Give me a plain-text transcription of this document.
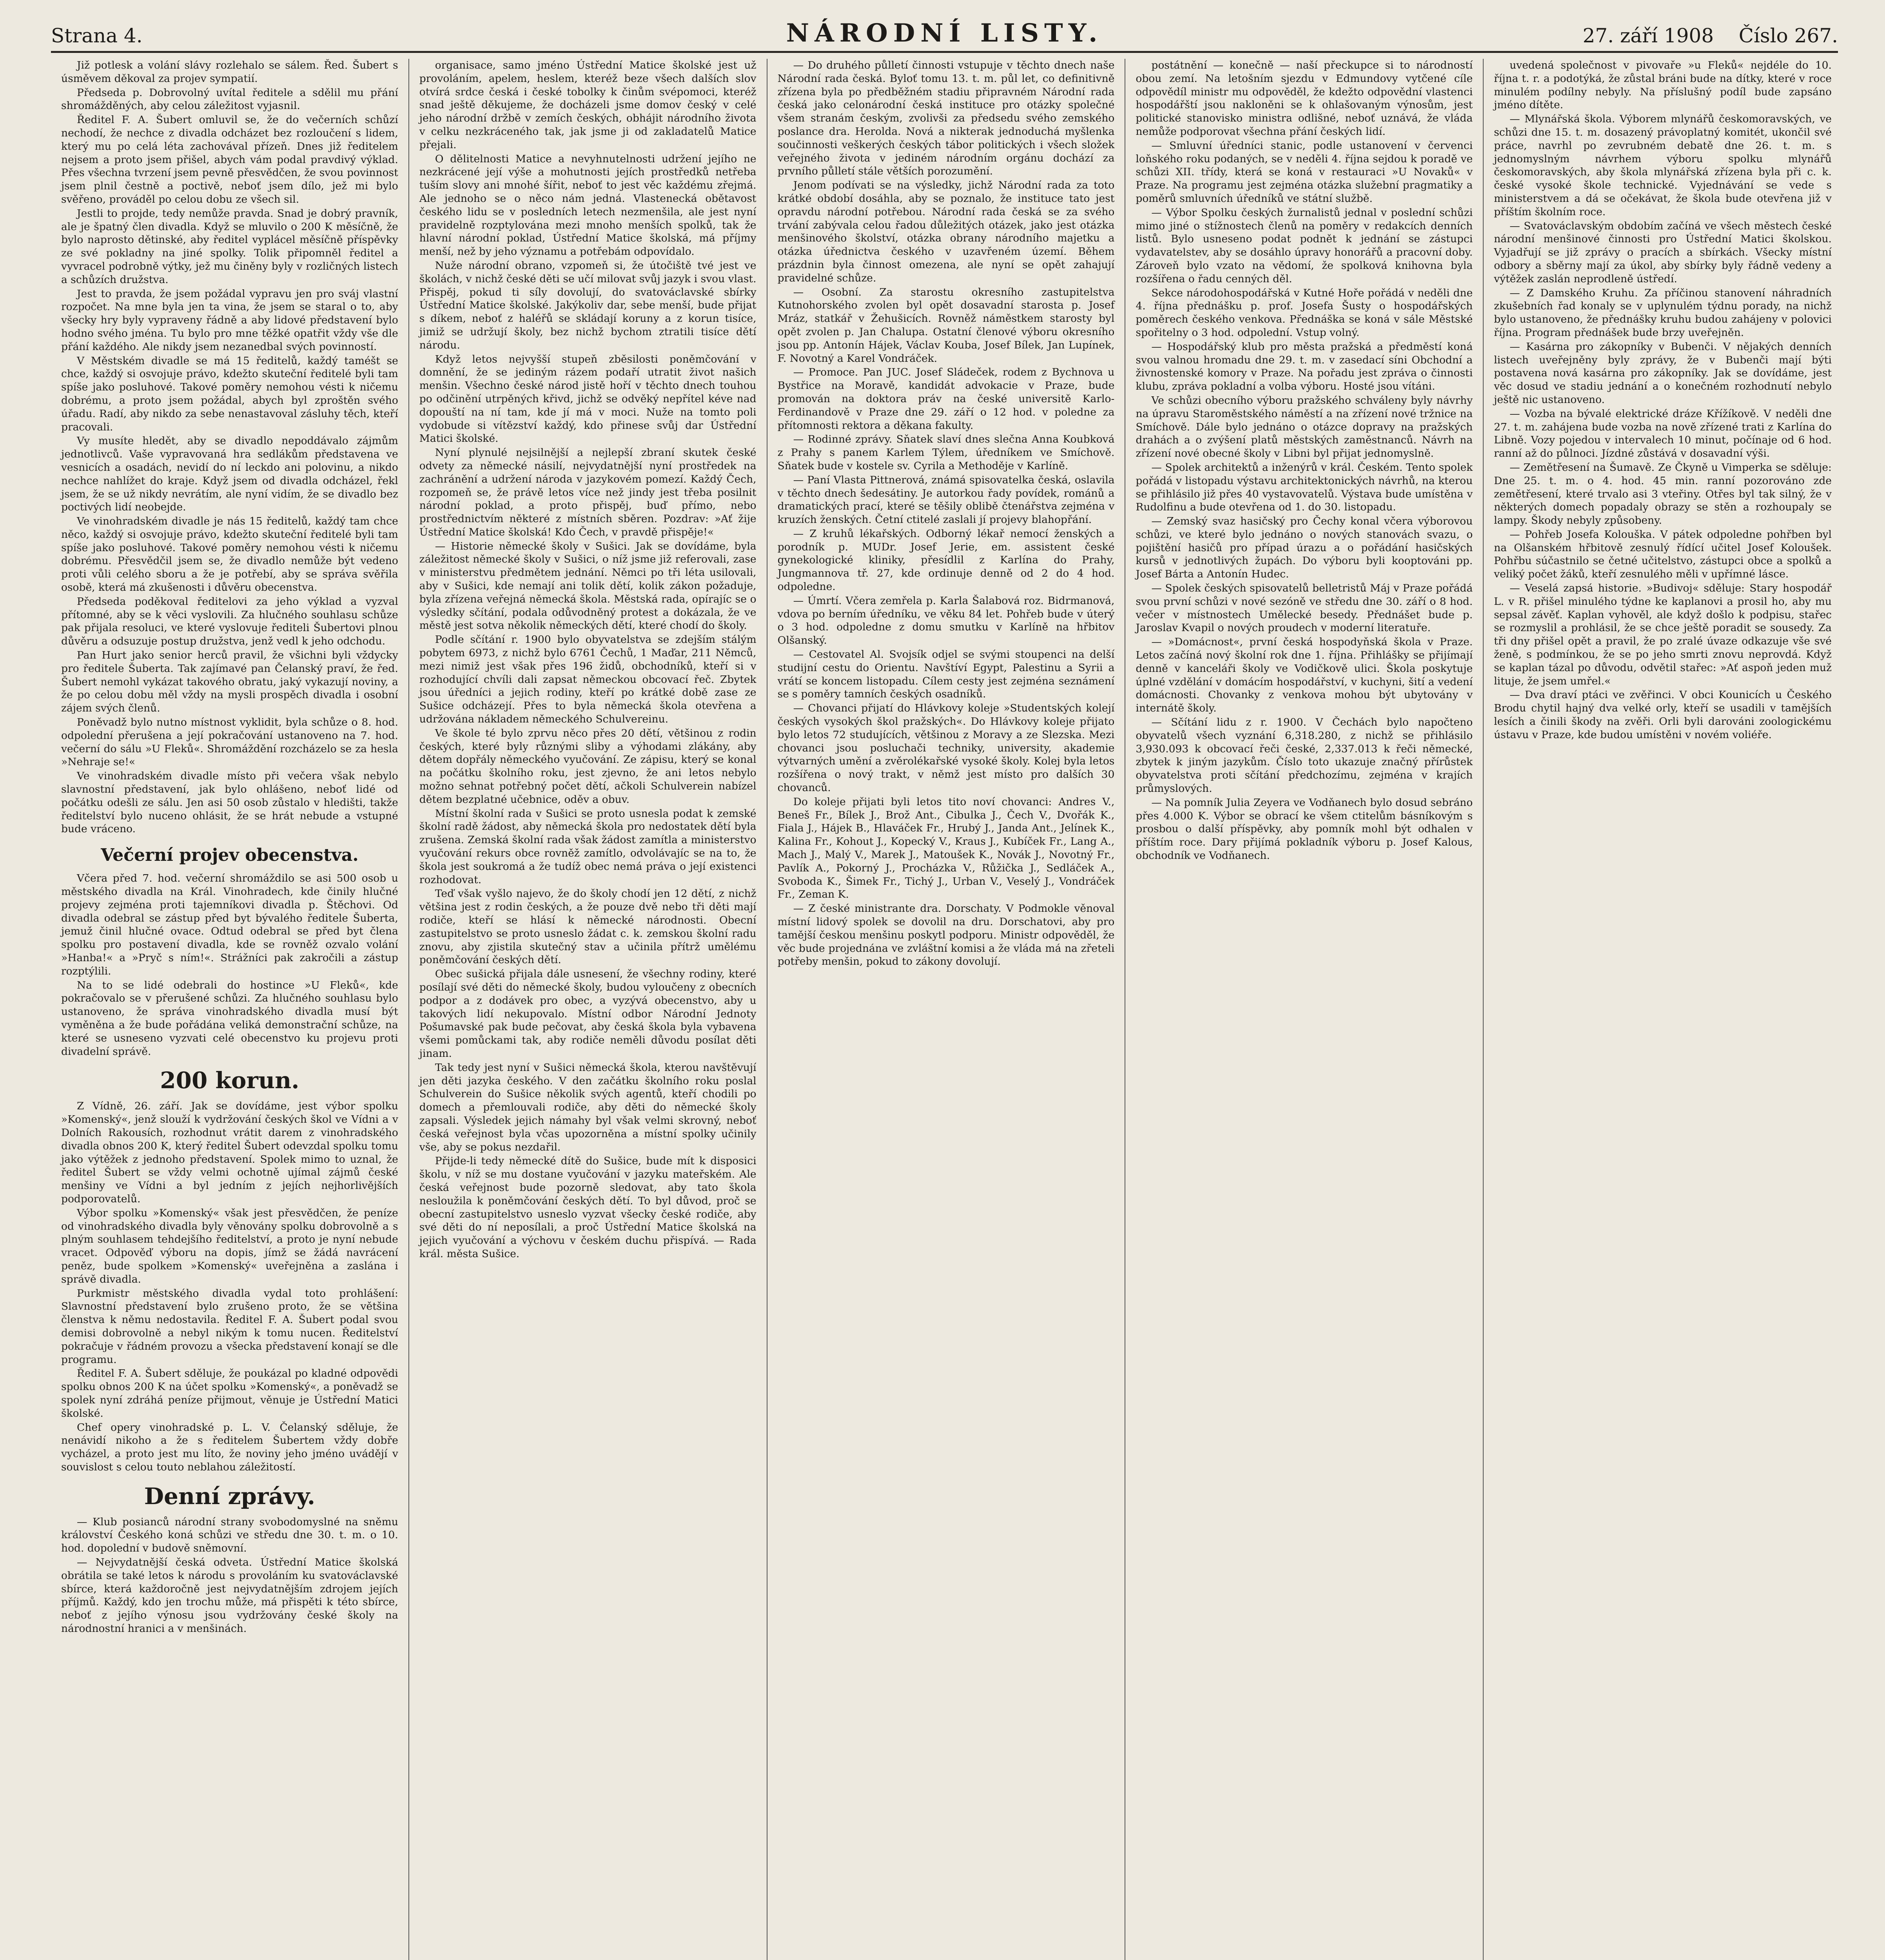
Strana 4.	NÁRODNÍ LISTY.	27. září 1908 Číslo 267.

Již potlesk a volání slávy rozlehalo se sálem. Řed. Šubert s úsměvem děkoval za projev sympatií.

Předseda p. Dobrovolný uvítal ředitele a sdělil mu přání shromážděných, aby celou záležitost vyjasnil.

Ředitel F. A. Šubert omluvil se, že do večerních schůzí nechodí, že nechce z divadla odcházet bez rozloučení s lidem, který mu po celá léta zachovával přízeň. Dnes již ředitelem nejsem a proto jsem přišel, abych vám podal pravdivý výklad. Přes všechna tvrzení jsem pevně přesvědčen, že svou povinnost jsem plnil čestně a poctivě, neboť jsem dílo, jež mi bylo svěřeno, prováděl po celou dobu ze všech sil.

Jestli to projde, tedy nemůže pravda. Snad je dobrý pravník, ale je špatný člen divadla. Když se mluvilo o 200 K měsíčně, že bylo naprosto dětinské, aby ředitel vyplácel měsíčně příspěvky ze své pokladny na jiné spolky. Tolik připomněl ředitel a vyvracel podrobně výtky, jež mu činěny byly v rozličných listech a schůzích družstva.

Jest to pravda, že jsem požádal vypravu jen pro sváj vlastní rozpočet. Na mne byla jen ta vina, že jsem se staral o to, aby všecky hry byly vypraveny řádně a aby lidové představení bylo hodno svého jména. Tu bylo pro mne těžké opatřit vždy vše dle přání každého. Ale nikdy jsem nezanedbal svých povinností.

V Městském divadle se má 15 ředitelů, každý taméšt se chce, každý si osvojuje právo, kdežto skuteční ředitelé byli tam spíše jako posluhové. Takové poměry nemohou vésti k ničemu dobrému, a proto jsem požádal, abych byl zproštěn svého úřadu. Radí, aby nikdo za sebe nenastavoval zásluhy těch, kteří pracovali.

Vy musíte hledět, aby se divadlo nepoddávalo zájmům jednotlivců. Vaše vypravovaná hra sedlákům představena ve vesnicích a osadách, nevidí do ní leckdo ani polovinu, a nikdo nechce nahlížet do kraje. Když jsem od divadla odcházel, řekl jsem, že se už nikdy nevrátím, ale nyní vidím, že se divadlo bez poctivých lidí neobejde.

Ve vinohradském divadle je nás 15 ředitelů, každý tam chce něco, každý si osvojuje právo, kdežto skuteční ředitelé byli tam spíše jako posluhové. Takové poměry nemohou vésti k ničemu dobrému. Přesvědčil jsem se, že divadlo nemůže být vedeno proti vůli celého sboru a že je potřebí, aby se správa svěřila osobě, která má zkušenosti i důvěru obecenstva.

Předseda poděkoval ředitelovi za jeho výklad a vyzval přítomné, aby se k věci vyslovili. Za hlučného souhlasu schůze pak přijala resoluci, ve které vyslovuje řediteli Šubertovi plnou důvěru a odsuzuje postup družstva, jenž vedl k jeho odchodu.

Pan Hurt jako senior herců pravil, že všichni byli vždycky pro ředitele Šuberta. Tak zajímavé pan Čelanský praví, že řed. Šubert nemohl vykázat takového obratu, jaký vykazují noviny, a že po celou dobu měl vždy na mysli prospěch divadla i osobní zájem svých členů.

Poněvadž bylo nutno místnost vyklidit, byla schůze o 8. hod. odpolední přerušena a její pokračování ustanoveno na 7. hod. večerní do sálu »U Fleků«. Shromáždění rozcházelo se za hesla »Nehraje se!«

Ve vinohradském divadle místo při večera však nebylo slavnostní představení, jak bylo ohlášeno, neboť lidé od počátku odešli ze sálu. Jen asi 50 osob zůstalo v hledišti, takže ředitelství bylo nuceno ohlásit, že se hrát nebude a vstupné bude vráceno.

Večerní projev obecenstva.

Včera před 7. hod. večerní shromáždilo se asi 500 osob u městského divadla na Král. Vinohradech, kde činily hlučné projevy zejména proti tajemníkovi divadla p. Štěchovi. Od divadla odebral se zástup před byt bývalého ředitele Šuberta, jemuž činil hlučné ovace. Odtud odebral se před byt člena spolku pro postavení divadla, kde se rovněž ozvalo volání »Hanba!« a »Pryč s ním!«. Strážníci pak zakročili a zástup rozptýlili.

Na to se lidé odebrali do hostince »U Fleků«, kde pokračovalo se v přerušené schůzi. Za hlučného souhlasu bylo ustanoveno, že správa vinohradského divadla musí být vyměněna a že bude pořádána veliká demonstrační schůze, na které se usneseno vyzvati celé obecenstvo ku projevu proti divadelní správě.

200 korun.

Z Vídně, 26. září. Jak se dovídáme, jest výbor spolku »Komenský«, jenž slouží k vydržování českých škol ve Vídni a v Dolních Rakousích, rozhodnut vrátit darem z vinohradského divadla obnos 200 K, který ředitel Šubert odevzdal spolku tomu jako výtěžek z jednoho představení. Spolek mimo to uznal, že ředitel Šubert se vždy velmi ochotně ujímal zájmů české menšiny ve Vídni a byl jedním z jejích nejhorlivějších podporovatelů.

Výbor spolku »Komenský« však jest přesvědčen, že peníze od vinohradského divadla byly věnovány spolku dobrovolně a s plným souhlasem tehdejšího ředitelství, a proto je nyní nebude vracet. Odpověď výboru na dopis, jímž se žádá navrácení peněz, bude spolkem »Komenský« uveřejněna a zaslána i správě divadla.

Purkmistr městského divadla vydal toto prohlášení: Slavnostní představení bylo zrušeno proto, že se většina členstva k němu nedostavila. Ředitel F. A. Šubert podal svou demisi dobrovolně a nebyl nikým k tomu nucen. Ředitelství pokračuje v řádném provozu a všecka představení konají se dle programu.

Ředitel F. A. Šubert sděluje, že poukázal po kladné odpovědi spolku obnos 200 K na účet spolku »Komenský«, a poněvadž se spolek nyní zdráhá peníze přijmout, věnuje je Ústřední Matici školské.

Chef opery vinohradské p. L. V. Čelanský sděluje, že nenávidí nikoho a že s ředitelem Šubertem vždy dobře vycházel, a proto jest mu líto, že noviny jeho jméno uvádějí v souvislost s celou touto neblahou záležitostí.

Denní zprávy.

— Klub posianců národní strany svobodomyslné na sněmu království Českého koná schůzi ve středu dne 30. t. m. o 10. hod. dopolední v budově sněmovní.

— Nejvydatnější česká odveta. Ústřední Matice školská obrátila se také letos k národu s provoláním ku svatováclavské sbírce, která každoročně jest nejvydatnějším zdrojem jejích příjmů. Každý, kdo jen trochu může, má přispěti k této sbírce, neboť z jejího výnosu jsou vydržovány české školy na národnostní hranici a v menšinách.

organisace, samo jméno Ústřední Matice školské jest už provoláním, apelem, heslem, kteréž beze všech dalších slov otvírá srdce česká i české tobolky k činům svépomoci, kteréž snad ještě děkujeme, že docházeli jsme domov český v celé jeho národní držbě v zemích českých, obhájit národního života v celku nezkráceného tak, jak jsme ji od zakladatelů Matice přejali.

O dělitelnosti Matice a nevyhnutelnosti udržení jejího ne nezkrácené její výše a mohutnosti jejích prostředků netřeba tuším slovy ani mnohé šířit, neboť to jest věc každému zřejmá. Ale jednoho se o něco nám jedná. Vlastenecká obětavost českého lidu se v posledních letech nezmenšila, ale jest nyní pravidelně rozptylována mezi mnoho menších spolků, tak že hlavní národní poklad, Ústřední Matice školská, má příjmy menší, než by jeho významu a potřebám odpovídalo.

Nuže národní obrano, vzpomeň si, že útočiště tvé jest ve školách, v nichž české děti se učí milovat svůj jazyk i svou vlast. Přispěj, pokud ti síly dovolují, do svatováclavské sbírky Ústřední Matice školské. Jakýkoliv dar, sebe menší, bude přijat s díkem, neboť z haléřů se skládají koruny a z korun tisíce, jimiž se udržují školy, bez nichž bychom ztratili tisíce dětí národu.

Když letos nejvyšší stupeň zběsilosti poněmčování v domnění, že se jediným rázem podaří utratit život našich menšin. Všechno české národ jistě hoří v těchto dnech touhou po odčinění utrpěných křivd, jichž se odvěký nepřítel kéve nad dopouští na ní tam, kde jí má v moci. Nuže na tomto poli vydobude si vítězství každý, kdo přinese svůj dar Ústřední Matici školské.

Nyní plynulé nejsilnější a nejlepší zbraní skutek české odvety za německé násilí, nejvydatnější nyní prostředek na zachránění a udržení národa v jazykovém pomezí. Každý Čech, rozpomeň se, že právě letos více než jindy jest třeba posilnit národní poklad, a proto přispěj, buď přímo, nebo prostřednictvím některé z místních sběren. Pozdrav: »Ať žije Ústřední Matice školská! Kdo Čech, v pravdě přispěje!«

— Historie německé školy v Sušici. Jak se dovídáme, byla záležitost německé školy v Sušici, o níž jsme již referovali, zase v ministerstvu předmětem jednání. Němci po tři léta usilovali, aby v Sušici, kde nemají ani tolik dětí, kolik zákon požaduje, byla zřízena veřejná německá škola. Městská rada, opírajíc se o výsledky sčítání, podala odůvodněný protest a dokázala, že ve městě jest sotva několik německých dětí, které chodí do školy.

Podle sčítání r. 1900 bylo obyvatelstva se zdejším stálým pobytem 6973, z nichž bylo 6761 Čechů, 1 Maďar, 211 Němců, mezi nimiž jest však přes 196 židů, obchodníků, kteří si v rozhodující chvíli dali zapsat německou obcovací řeč. Zbytek jsou úředníci a jejich rodiny, kteří po krátké době zase ze Sušice odcházejí. Přes to byla německá škola otevřena a udržována nákladem německého Schulvereinu.

Ve škole té bylo zprvu něco přes 20 dětí, většinou z rodin českých, které byly různými sliby a výhodami zlákány, aby dětem dopřály německého vyučování. Ze zápisu, který se konal na počátku školního roku, jest zjevno, že ani letos nebylo možno sehnat potřebný počet dětí, ačkoli Schulverein nabízel dětem bezplatné učebnice, oděv a obuv.

Místní školní rada v Sušici se proto usnesla podat k zemské školní radě žádost, aby německá škola pro nedostatek dětí byla zrušena. Zemská školní rada však žádost zamítla a ministerstvo vyučování rekurs obce rovněž zamítlo, odvolávajíc se na to, že škola jest soukromá a že tudíž obec nemá práva o její existenci rozhodovat.

Teď však vyšlo najevo, že do školy chodí jen 12 dětí, z nichž většina jest z rodin českých, a že pouze dvě nebo tři děti mají rodiče, kteří se hlásí k německé národnosti. Obecní zastupitelstvo se proto usneslo žádat c. k. zemskou školní radu znovu, aby zjistila skutečný stav a učinila přítrž umělému poněmčování českých dětí.

Obec sušická přijala dále usnesení, že všechny rodiny, které posílají své děti do německé školy, budou vyloučeny z obecních podpor a z dodávek pro obec, a vyzývá obecenstvo, aby u takových lidí nekupovalo. Místní odbor Národní Jednoty Pošumavské pak bude pečovat, aby česká škola byla vybavena všemi pomůckami tak, aby rodiče neměli důvodu posílat děti jinam.

Tak tedy jest nyní v Sušici německá škola, kterou navštěvují jen děti jazyka českého. V den začátku školního roku poslal Schulverein do Sušice několik svých agentů, kteří chodili po domech a přemlouvali rodiče, aby děti do německé školy zapsali. Výsledek jejich námahy byl však velmi skrovný, neboť česká veřejnost byla včas upozorněna a místní spolky učinily vše, aby se pokus nezdařil.

Přijde-li tedy německé dítě do Sušice, bude mít k disposici školu, v níž se mu dostane vyučování v jazyku mateřském. Ale česká veřejnost bude pozorně sledovat, aby tato škola nesloužila k poněmčování českých dětí. To byl důvod, proč se obecní zastupitelstvo usneslo vyzvat všecky české rodiče, aby své děti do ní neposílali, a proč Ústřední Matice školská na jejich vyučování a výchovu v českém duchu přispívá. — Rada král. města Sušice.

— Do druhého půlletí činnosti vstupuje v těchto dnech naše Národní rada česká. Byloť tomu 13. t. m. půl let, co definitivně zřízena byla po předběžném stadiu připravném Národní rada česká jako celonárodní česká instituce pro otázky společné všem stranám českým, zvolivši za předsedu svého zemského poslance dra. Herolda. Nová a nikterak jednoduchá myšlenka součinnosti veškerých českých tábor politických i všech složek veřejného života v jediném národním orgánu dochází za prvního půlletí stále větších porozumění.

Jenom podívati se na výsledky, jichž Národní rada za toto krátké období dosáhla, aby se poznalo, že instituce tato jest opravdu národní potřebou. Národní rada česká se za svého trvání zabývala celou řadou důležitých otázek, jako jest otázka menšinového školství, otázka obrany národního majetku a otázka úřednictva českého v uzavřeném území. Během prázdnin byla činnost omezena, ale nyní se opět zahajují pravidelné schůze.

— Osobní. Za starostu okresního zastupitelstva Kutnohorského zvolen byl opět dosavadní starosta p. Josef Mráz, statkář v Žehušicích. Rovněž náměstkem starosty byl opět zvolen p. Jan Chalupa. Ostatní členové výboru okresního jsou pp. Antonín Hájek, Václav Kouba, Josef Bílek, Jan Lupínek, F. Novotný a Karel Vondráček.

— Promoce. Pan JUC. Josef Sládeček, rodem z Bychnova u Bystřice na Moravě, kandidát advokacie v Praze, bude promován na doktora práv na české universitě Karlo-Ferdinandově v Praze dne 29. září o 12 hod. v poledne za přítomnosti rektora a děkana fakulty.

— Rodinné zprávy. Sňatek slaví dnes slečna Anna Koubková z Prahy s panem Karlem Týlem, úředníkem ve Smíchově. Sňatek bude v kostele sv. Cyrila a Methoděje v Karlíně.

— Paní Vlasta Pittnerová, známá spisovatelka česká, oslavila v těchto dnech šedesátiny. Je autorkou řady povídek, románů a dramatických prací, které se těšily oblibě čtenářstva zejména v kruzích ženských. Četní ctitelé zaslali jí projevy blahopřání.

— Z kruhů lékařských. Odborný lékař nemocí ženských a porodník p. MUDr. Josef Jerie, em. assistent české gynekologické kliniky, přesídlil z Karlína do Prahy, Jungmannova tř. 27, kde ordinuje denně od 2 do 4 hod. odpoledne.

— Úmrtí. Včera zemřela p. Karla Šalabová roz. Bidrmanová, vdova po berním úředníku, ve věku 84 let. Pohřeb bude v úterý o 3 hod. odpoledne z domu smutku v Karlíně na hřbitov Olšanský.

— Cestovatel Al. Svojsík odjel se svými stoupenci na delší studijní cestu do Orientu. Navštíví Egypt, Palestinu a Syrii a vrátí se koncem listopadu. Cílem cesty jest zejména seznámení se s poměry tamních českých osadníků.

— Chovanci přijatí do Hlávkovy koleje »Studentských kolejí českých vysokých škol pražských«. Do Hlávkovy koleje přijato bylo letos 72 studujících, většinou z Moravy a ze Slezska. Mezi chovanci jsou posluchači techniky, university, akademie výtvarných umění a zvěrolékařské vysoké školy. Kolej byla letos rozšířena o nový trakt, v němž jest místo pro dalších 30 chovanců.

Do koleje přijati byli letos tito noví chovanci: Andres V., Beneš Fr., Bílek J., Brož Ant., Cibulka J., Čech V., Dvořák K., Fiala J., Hájek B., Hlaváček Fr., Hrubý J., Janda Ant., Jelínek K., Kalina Fr., Kohout J., Kopecký V., Kraus J., Kubíček Fr., Lang A., Mach J., Malý V., Marek J., Matoušek K., Novák J., Novotný Fr., Pavlík A., Pokorný J., Procházka V., Růžička J., Sedláček A., Svoboda K., Šimek Fr., Tichý J., Urban V., Veselý J., Vondráček Fr., Zeman K.

— Z české ministrante dra. Dorschaty. V Podmokle věnoval místní lidový spolek se dovolil na dru. Dorschatovi, aby pro tamější českou menšinu poskytl podporu. Ministr odpověděl, že věc bude projednána ve zvláštní komisi a že vláda má na zřeteli potřeby menšin, pokud to zákony dovolují.

postátnění — konečně — naší přeckupce si to národností obou zemí. Na letošním sjezdu v Edmundovy vytčené cíle odpovědíl ministr mu odpověděl, že kdežto odpovědní vlastenci hospodářští jsou nakloněni se k ohlašovaným výnosům, jest politické stanovisko ministra odlišné, neboť uznává, že vláda nemůže podporovat všechna přání českých lidí.

— Smluvní úředníci stanic, podle ustanovení v červenci loňského roku podaných, se v neděli 4. říjnа sejdou k poradě ve schůzi XII. třídy, která se koná v restauraci »U Novaků« v Praze. Na programu jest zejména otázka služební pragmatiky a poměrů smluvních úředníků ve státní službě.

— Výbor Spolku českých žurnalistů jednal v poslední schůzi mimo jiné o stížnostech členů na poměry v redakcích denních listů. Bylo usneseno podat podnět k jednání se zástupci vydavatelstev, aby se dosáhlo úpravy honorářů a pracovní doby. Zároveň bylo vzato na vědomí, že spolková knihovna byla rozšířena o řadu cenných děl.

Sekce národohospodářská v Kutné Hoře pořádá v neděli dne 4. října přednášku p. prof. Josefa Šusty o hospodářských poměrech českého venkova. Přednáška se koná v sále Městské spořitelny o 3 hod. odpolední. Vstup volný.

— Hospodářský klub pro města pražská a předměstí koná svou valnou hromadu dne 29. t. m. v zasedací síni Obchodní a živnostenské komory v Praze. Na pořadu jest zpráva o činnosti klubu, zpráva pokladní a volba výboru. Hosté jsou vítáni.

Ve schůzi obecního výboru pražského schváleny byly návrhy na úpravu Staroměstského náměstí a na zřízení nové tržnice na Smíchově. Dále bylo jednáno o otázce dopravy na pražských drahách a o zvýšení platů městských zaměstnanců. Návrh na zřízení nové obecné školy v Libni byl přijat jednomyslně.

— Spolek architektů a inženýrů v král. Českém. Tento spolek pořádá v listopadu výstavu architektonických návrhů, na kterou se přihlásilo již přes 40 vystavovatelů. Výstava bude umístěna v Rudolfinu a bude otevřena od 1. do 30. listopadu.

— Zemský svaz hasičský pro Čechy konal včera výborovou schůzi, ve které bylo jednáno o nových stanovách svazu, o pojištění hasičů pro případ úrazu a o pořádání hasičských kursů v jednotlivých župách. Do výboru byli kooptováni pp. Josef Bárta a Antonín Hudec.

— Spolek českých spisovatelů belletristů Máj v Praze pořádá svou první schůzi v nové sezóně ve středu dne 30. září o 8 hod. večer v místnostech Umělecké besedy. Přednášet bude p. Jaroslav Kvapil o nových proudech v moderní literatuře.

— »Domácnost«, první česká hospodyňská škola v Praze. Letos začíná nový školní rok dne 1. října. Přihlášky se přijímají denně v kanceláři školy ve Vodičkově ulici. Škola poskytuje úplné vzdělání v domácím hospodářství, v kuchyni, šití a vedení domácnosti. Chovanky z venkova mohou být ubytovány v internátě školy.

— Sčítání lidu z r. 1900. V Čechách bylo napočteno obyvatelů všech vyznání 6,318.280, z nichž se přihlásilo 3,930.093 k obcovací řeči české, 2,337.013 k řeči německé, zbytek k jiným jazykům. Číslo toto ukazuje značný přírůstek obyvatelstva proti sčítání předchozímu, zejména v krajích průmyslových.

— Na pomník Julia Zeyera ve Vodňanech bylo dosud sebráno přes 4.000 K. Výbor se obrací ke všem ctitelům básníkovým s prosbou o další příspěvky, aby pomník mohl být odhalen v příštím roce. Dary přijímá pokladník výboru p. Josef Kalous, obchodník ve Vodňanech.

uvedená společnost v pivovaře »u Fleků« nejdéle do 10. října t. r. a podotýká, že zůstal bráni bude na dítky, které v roce minulém podílny nebyly. Na příslušný podíl bude zapsáno jméno dítěte.

— Mlynářská škola. Výborem mlynářů českomoravských, ve schůzi dne 15. t. m. dosazený právoplatný komitét, ukončil své práce, navrhl po zevrubném debatě dne 26. t. m. s jednomyslným návrhem výboru spolku mlynářů českomoravských, aby škola mlynářská zřízena byla při c. k. české vysoké škole technické. Vyjednávání se vede s ministerstvem a dá se očekávat, že škola bude otevřena již v příštím školním roce.

— Svatováclavským obdobím začíná ve všech městech české národní menšinové činnosti pro Ústřední Matici školskou. Vyjadřují se již zprávy o pracích a sbírkách. Všecky místní odbory a sběrny mají za úkol, aby sbírky byly řádně vedeny a výtěžek zaslán neprodleně ústředí.

— Z Damského Kruhu. Za příčinou stanovení náhradních zkušebních řad konaly se v uplynulém týdnu porady, na nichž bylo ustanoveno, že přednášky kruhu budou zahájeny v polovici října. Program přednášek bude brzy uveřejněn.

— Kasárna pro zákopníky v Bubenči. V nějakých denních listech uveřejněny byly zprávy, že v Bubenči mají býti postavena nová kasárna pro zákopníky. Jak se dovídáme, jest věc dosud ve stadiu jednání a o konečném rozhodnutí nebylo ještě nic ustanoveno.

— Vozba na bývalé elektrické dráze Křížíkově. V neděli dne 27. t. m. zahájena bude vozba na nově zřízené trati z Karlína do Libně. Vozy pojedou v intervalech 10 minut, počínaje od 6 hod. ranní až do půlnoci. Jízdné zůstává v dosavadní výši.

— Zemětřesení na Šumavě. Ze Čkyně u Vimperka se sděluje: Dne 25. t. m. o 4. hod. 45 min. ranní pozorováno zde zemětřesení, které trvalo asi 3 vteřiny. Otřes byl tak silný, že v některých domech popadaly obrazy se stěn a rozhoupaly se lampy. Škody nebyly způsobeny.

— Pohřeb Josefa Kolouška. V pátek odpoledne pohřben byl na Olšanském hřbitově zesnulý řídící učitel Josef Koloušek. Pohřbu súčastnilo se četné učitelstvo, zástupci obce a spolků a veliký počet žáků, kteří zesnulého měli v upřímné lásce.

— Veselá zapsá historie. »Budivoj« sděluje: Stary hospodář L. v R. přišel minulého týdne ke kaplanovi a prosil ho, aby mu sepsal závěť. Kaplan vyhověl, ale když došlo k podpisu, stařec se rozmyslil a prohlásil, že se chce ještě poradit se sousedy. Za tři dny přišel opět a pravil, že po zralé úvaze odkazuje vše své ženě, s podmínkou, že se po jeho smrti znovu neprovdá. Když se kaplan tázal po důvodu, odvětil stařec: »Ať aspoň jeden muž lituje, že jsem umřel.«

— Dva draví ptáci ve zvěřinci. V obci Kounicích u Českého Brodu chytil hajný dva velké orly, kteří se usadili v tamějších lesích a činili škody na zvěři. Orli byli darováni zoologickému ústavu v Praze, kde budou umístěni v novém voliéře.
